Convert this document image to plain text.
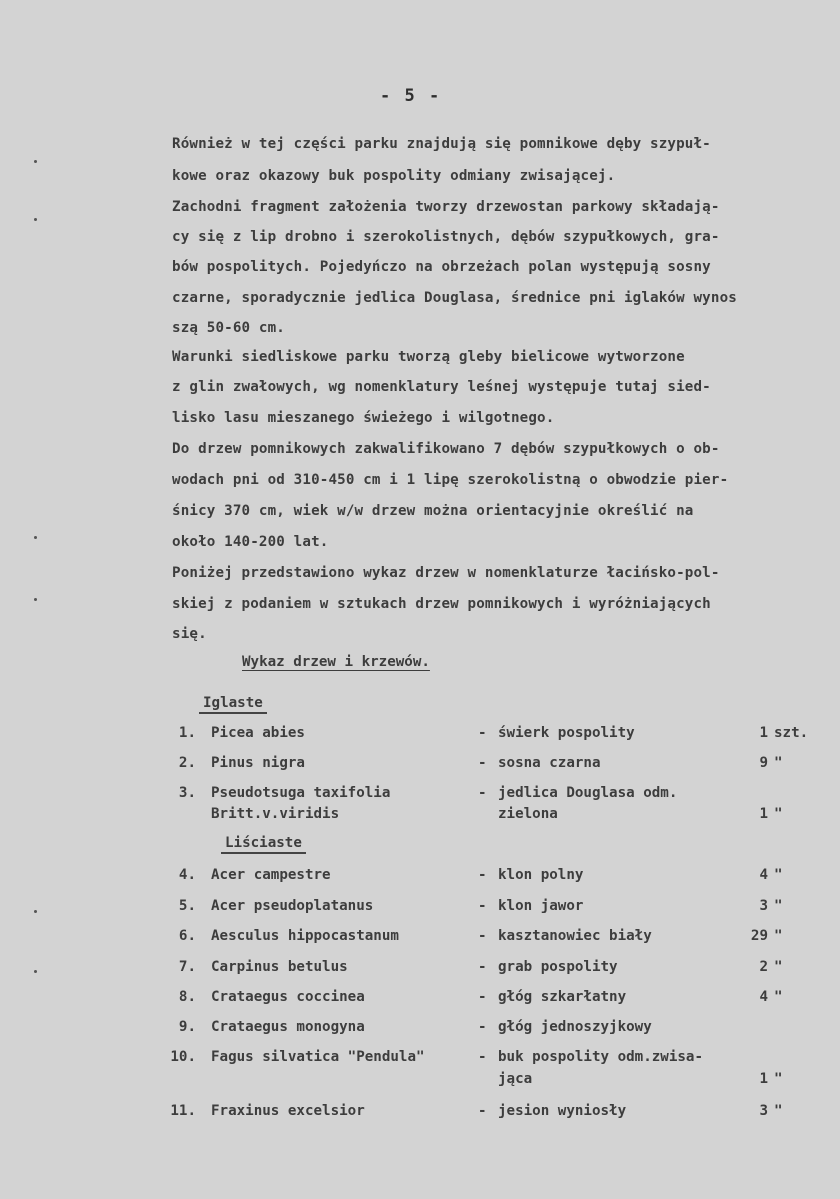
- 5 -
Również w tej części parku znajdują się pomnikowe dęby szypuł-
kowe oraz okazowy buk pospolity odmiany zwisającej.
Zachodni fragment założenia tworzy drzewostan parkowy składają-
cy się z lip drobno i szerokolistnych, dębów szypułkowych, gra-
bów pospolitych. Pojedyńczo na obrzeżach polan występują sosny
czarne, sporadycznie jedlica Douglasa, średnice pni iglaków wynos
szą 50-60 cm.
Warunki siedliskowe parku tworzą gleby bielicowe wytworzone
z glin zwałowych, wg nomenklatury leśnej występuje tutaj sied-
lisko lasu mieszanego świeżego i wilgotnego.
Do drzew pomnikowych zakwalifikowano 7 dębów szypułkowych o ob-
wodach pni od 310-450 cm i 1 lipę szerokolistną o obwodzie pier-
śnicy 370 cm, wiek w/w drzew można orientacyjnie określić na
około 140-200 lat.
Poniżej przedstawiono wykaz drzew w nomenklaturze łacińsko-pol-
skiej z podaniem w sztukach drzew pomnikowych i wyróżniających
się.
Wykaz drzew i krzewów.
Iglaste
Liściaste
1. Picea abies	- świerk pospolity	1 szt.
2. Pinus nigra	- sosna czarna	9 "
3. Pseudotsuga taxifolia	- jedlica Douglasa odm.
Britt.v.viridis	zielona	1 "
4. Acer campestre	- klon polny	4 "
5. Acer pseudoplatanus	- klon jawor	3 "
6. Aesculus hippocastanum	- kasztanowiec biały	29 "
7. Carpinus betulus	- grab pospolity	2 "
8. Crataegus coccinea	- głóg szkarłatny	4 "
9. Crataegus monogyna	- głóg jednoszyjkowy
10. Fagus silvatica "Pendula"	- buk pospolity odm.zwisa-
jąca	1 "
11. Fraxinus excelsior	- jesion wyniosły	3 "
